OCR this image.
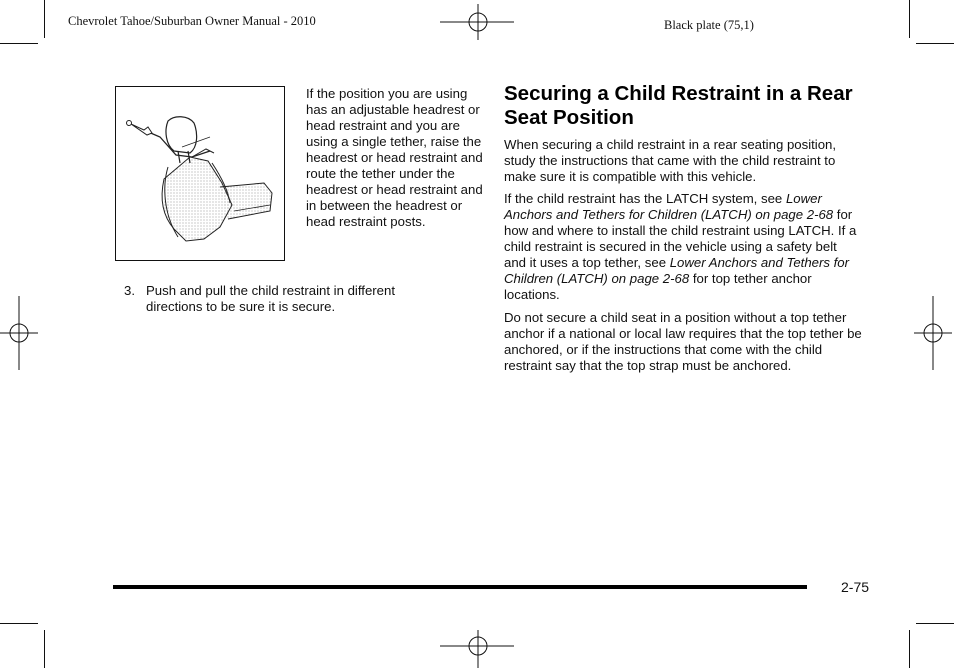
Chevrolet Tahoe/Suburban Owner Manual - 2010	Black plate (75,1)
If the position you are using has an adjustable headrest or head restraint and you are using a single tether, raise the headrest or head restraint and route the tether under the headrest or head restraint and in between the headrest or head restraint posts.
3. Push and pull the child restraint in different directions to be sure it is secure.
Securing a Child Restraint in a Rear Seat Position
When securing a child restraint in a rear seating position, study the instructions that came with the child restraint to make sure it is compatible with this vehicle.
If the child restraint has the LATCH system, see Lower Anchors and Tethers for Children (LATCH) on page 2‑68 for how and where to install the child restraint using LATCH. If a child restraint is secured in the vehicle using a safety belt and it uses a top tether, see Lower Anchors and Tethers for Children (LATCH) on page 2‑68 for top tether anchor locations.
Do not secure a child seat in a position without a top tether anchor if a national or local law requires that the top tether be anchored, or if the instructions that come with the child restraint say that the top strap must be anchored.
2-75
